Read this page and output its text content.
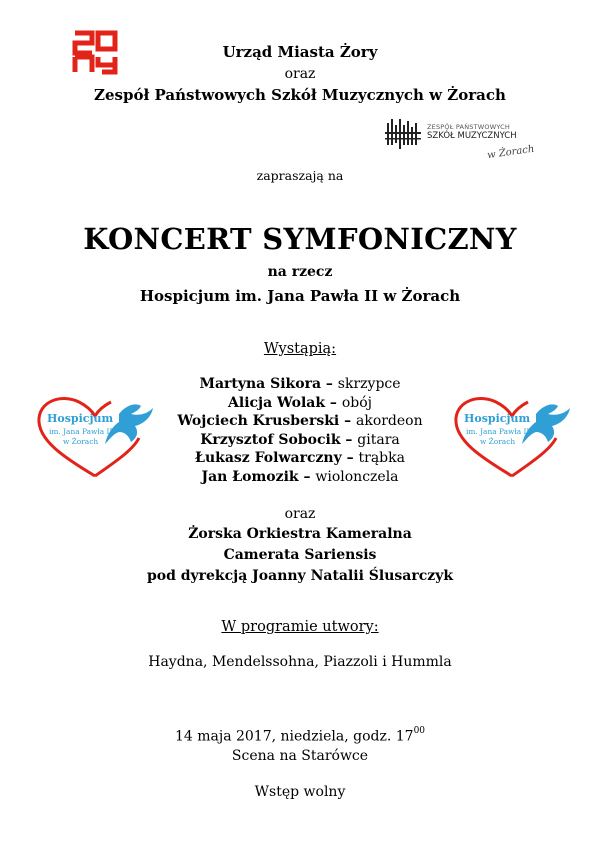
Urząd Miasta Żory
oraz
Zespół Państwowych Szkół Muzycznych w Żorach
ZESPÓŁ PAŃSTWOWYCH
SZKÓŁ MUZYCZNYCH
w Żorach
zapraszają na
KONCERT SYMFONICZNY
na rzecz
Hospicjum im. Jana Pawła II w Żorach
Wystąpią:
Martyna Sikora – skrzypce
Alicja Wolak – obój
Wojciech Krusberski – akordeon
Krzysztof Sobocik – gitara
Łukasz Folwarczny – trąbka
Jan Łomozik – wiolonczela
Hospicjum
im. Jana Pawła II
w Żorach
Hospicjum
im. Jana Pawła II
w Żorach
oraz
Żorska Orkiestra Kameralna
Camerata Sariensis
pod dyrekcją Joanny Natalii Ślusarczyk
W programie utwory:
Haydna, Mendelssohna, Piazzoli i Hummla
14 maja 2017, niedziela, godz. $17^{00}$
Scena na Starówce
Wstęp wolny
